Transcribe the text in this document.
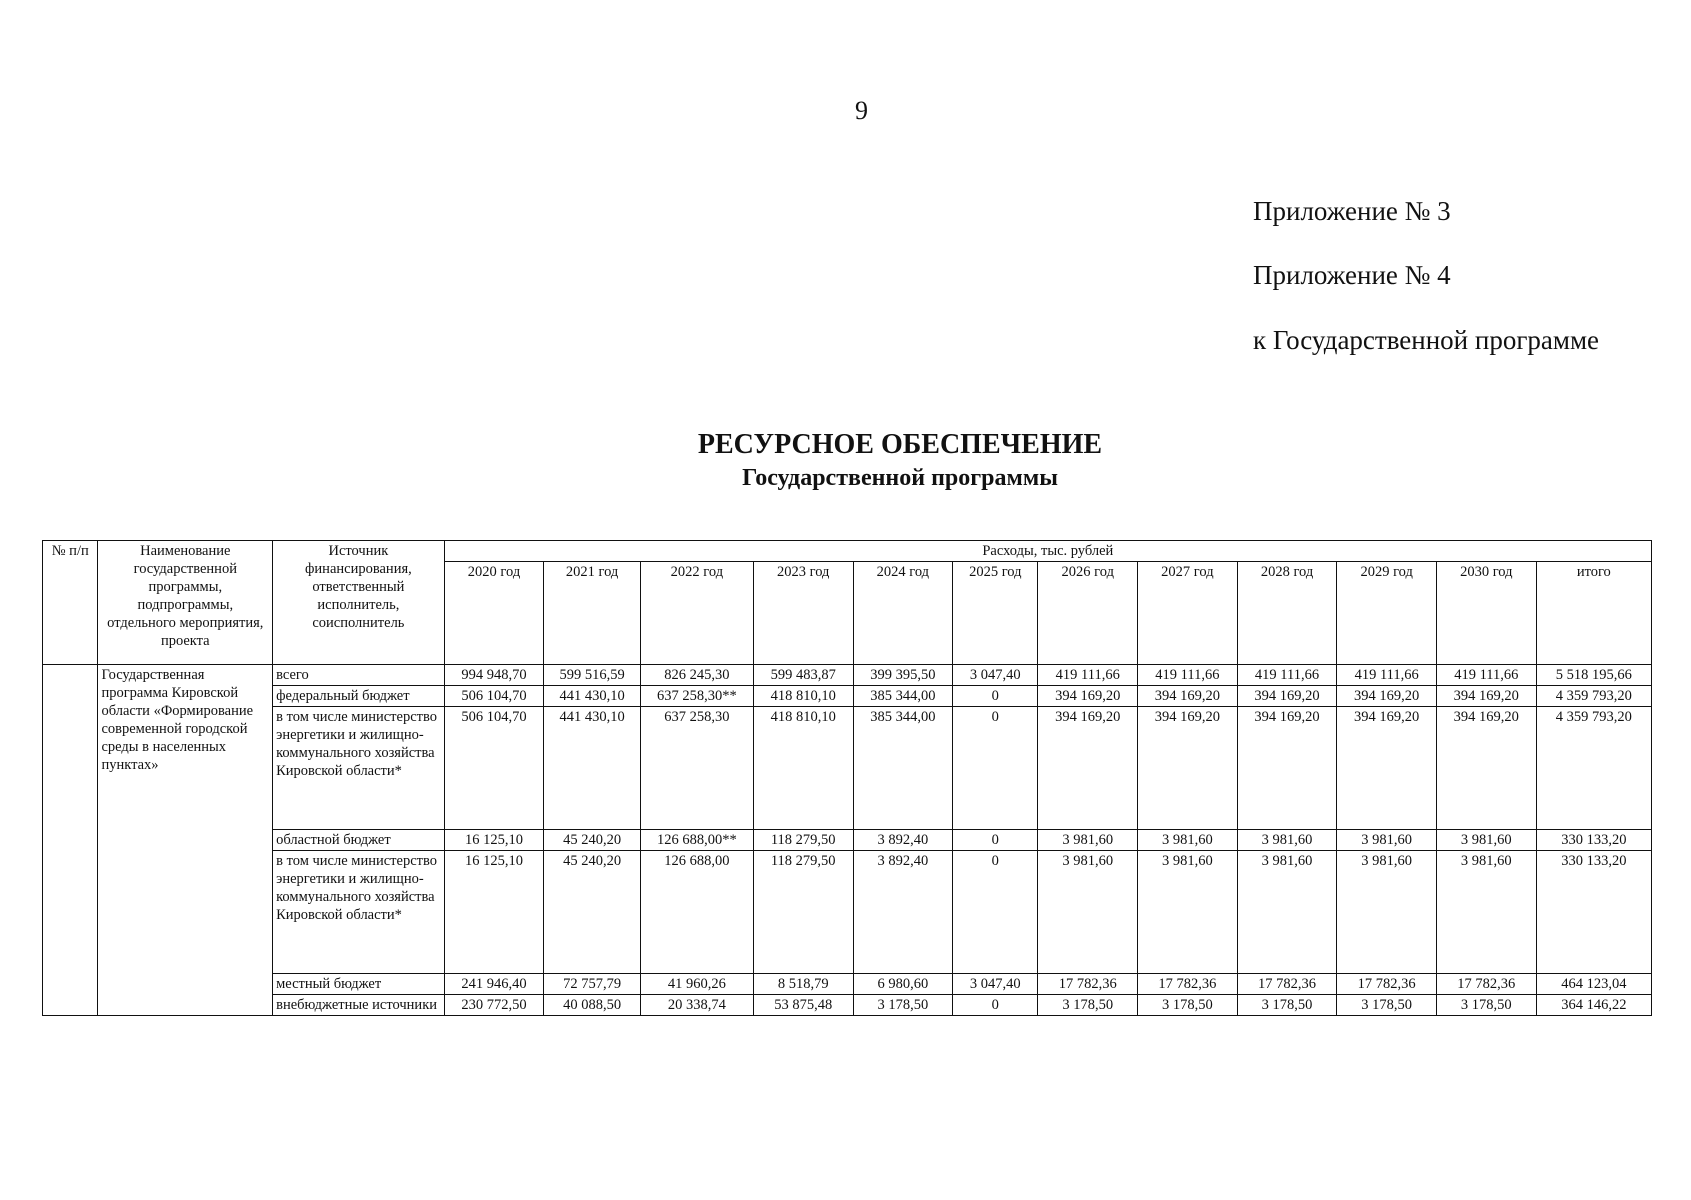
9
Приложение № 3
Приложение № 4
к Государственной программе
РЕСУРСНОЕ ОБЕСПЕЧЕНИЕ
Государственной программы
№ п/п	Наименование государственной программы, подпрограммы, отдельного мероприятия, проекта	Источник финансирования, ответственный исполнитель, соисполнитель	Расходы, тыс. рублей											
			2020 год	2021 год	2022 год	2023 год	2024 год	2025 год	2026 год	2027 год	2028 год	2029 год	2030 год	итого
	Государственная программа Кировской области «Формирование современной городской среды в населенных пунктах»	всего	994 948,70	599 516,59	826 245,30	599 483,87	399 395,50	3 047,40	419 111,66	419 111,66	419 111,66	419 111,66	419 111,66	5 518 195,66
		федеральный бюджет	506 104,70	441 430,10	637 258,30**	418 810,10	385 344,00	0	394 169,20	394 169,20	394 169,20	394 169,20	394 169,20	4 359 793,20
		в том числе министерство энергетики и жилищно-коммунального хозяйства Кировской области*	506 104,70	441 430,10	637 258,30	418 810,10	385 344,00	0	394 169,20	394 169,20	394 169,20	394 169,20	394 169,20	4 359 793,20
		областной бюджет	16 125,10	45 240,20	126 688,00**	118 279,50	3 892,40	0	3 981,60	3 981,60	3 981,60	3 981,60	3 981,60	330 133,20
		в том числе министерство энергетики и жилищно-коммунального хозяйства Кировской области*	16 125,10	45 240,20	126 688,00	118 279,50	3 892,40	0	3 981,60	3 981,60	3 981,60	3 981,60	3 981,60	330 133,20
		местный бюджет	241 946,40	72 757,79	41 960,26	8 518,79	6 980,60	3 047,40	17 782,36	17 782,36	17 782,36	17 782,36	17 782,36	464 123,04
		внебюджетные источники	230 772,50	40 088,50	20 338,74	53 875,48	3 178,50	0	3 178,50	3 178,50	3 178,50	3 178,50	3 178,50	364 146,22
